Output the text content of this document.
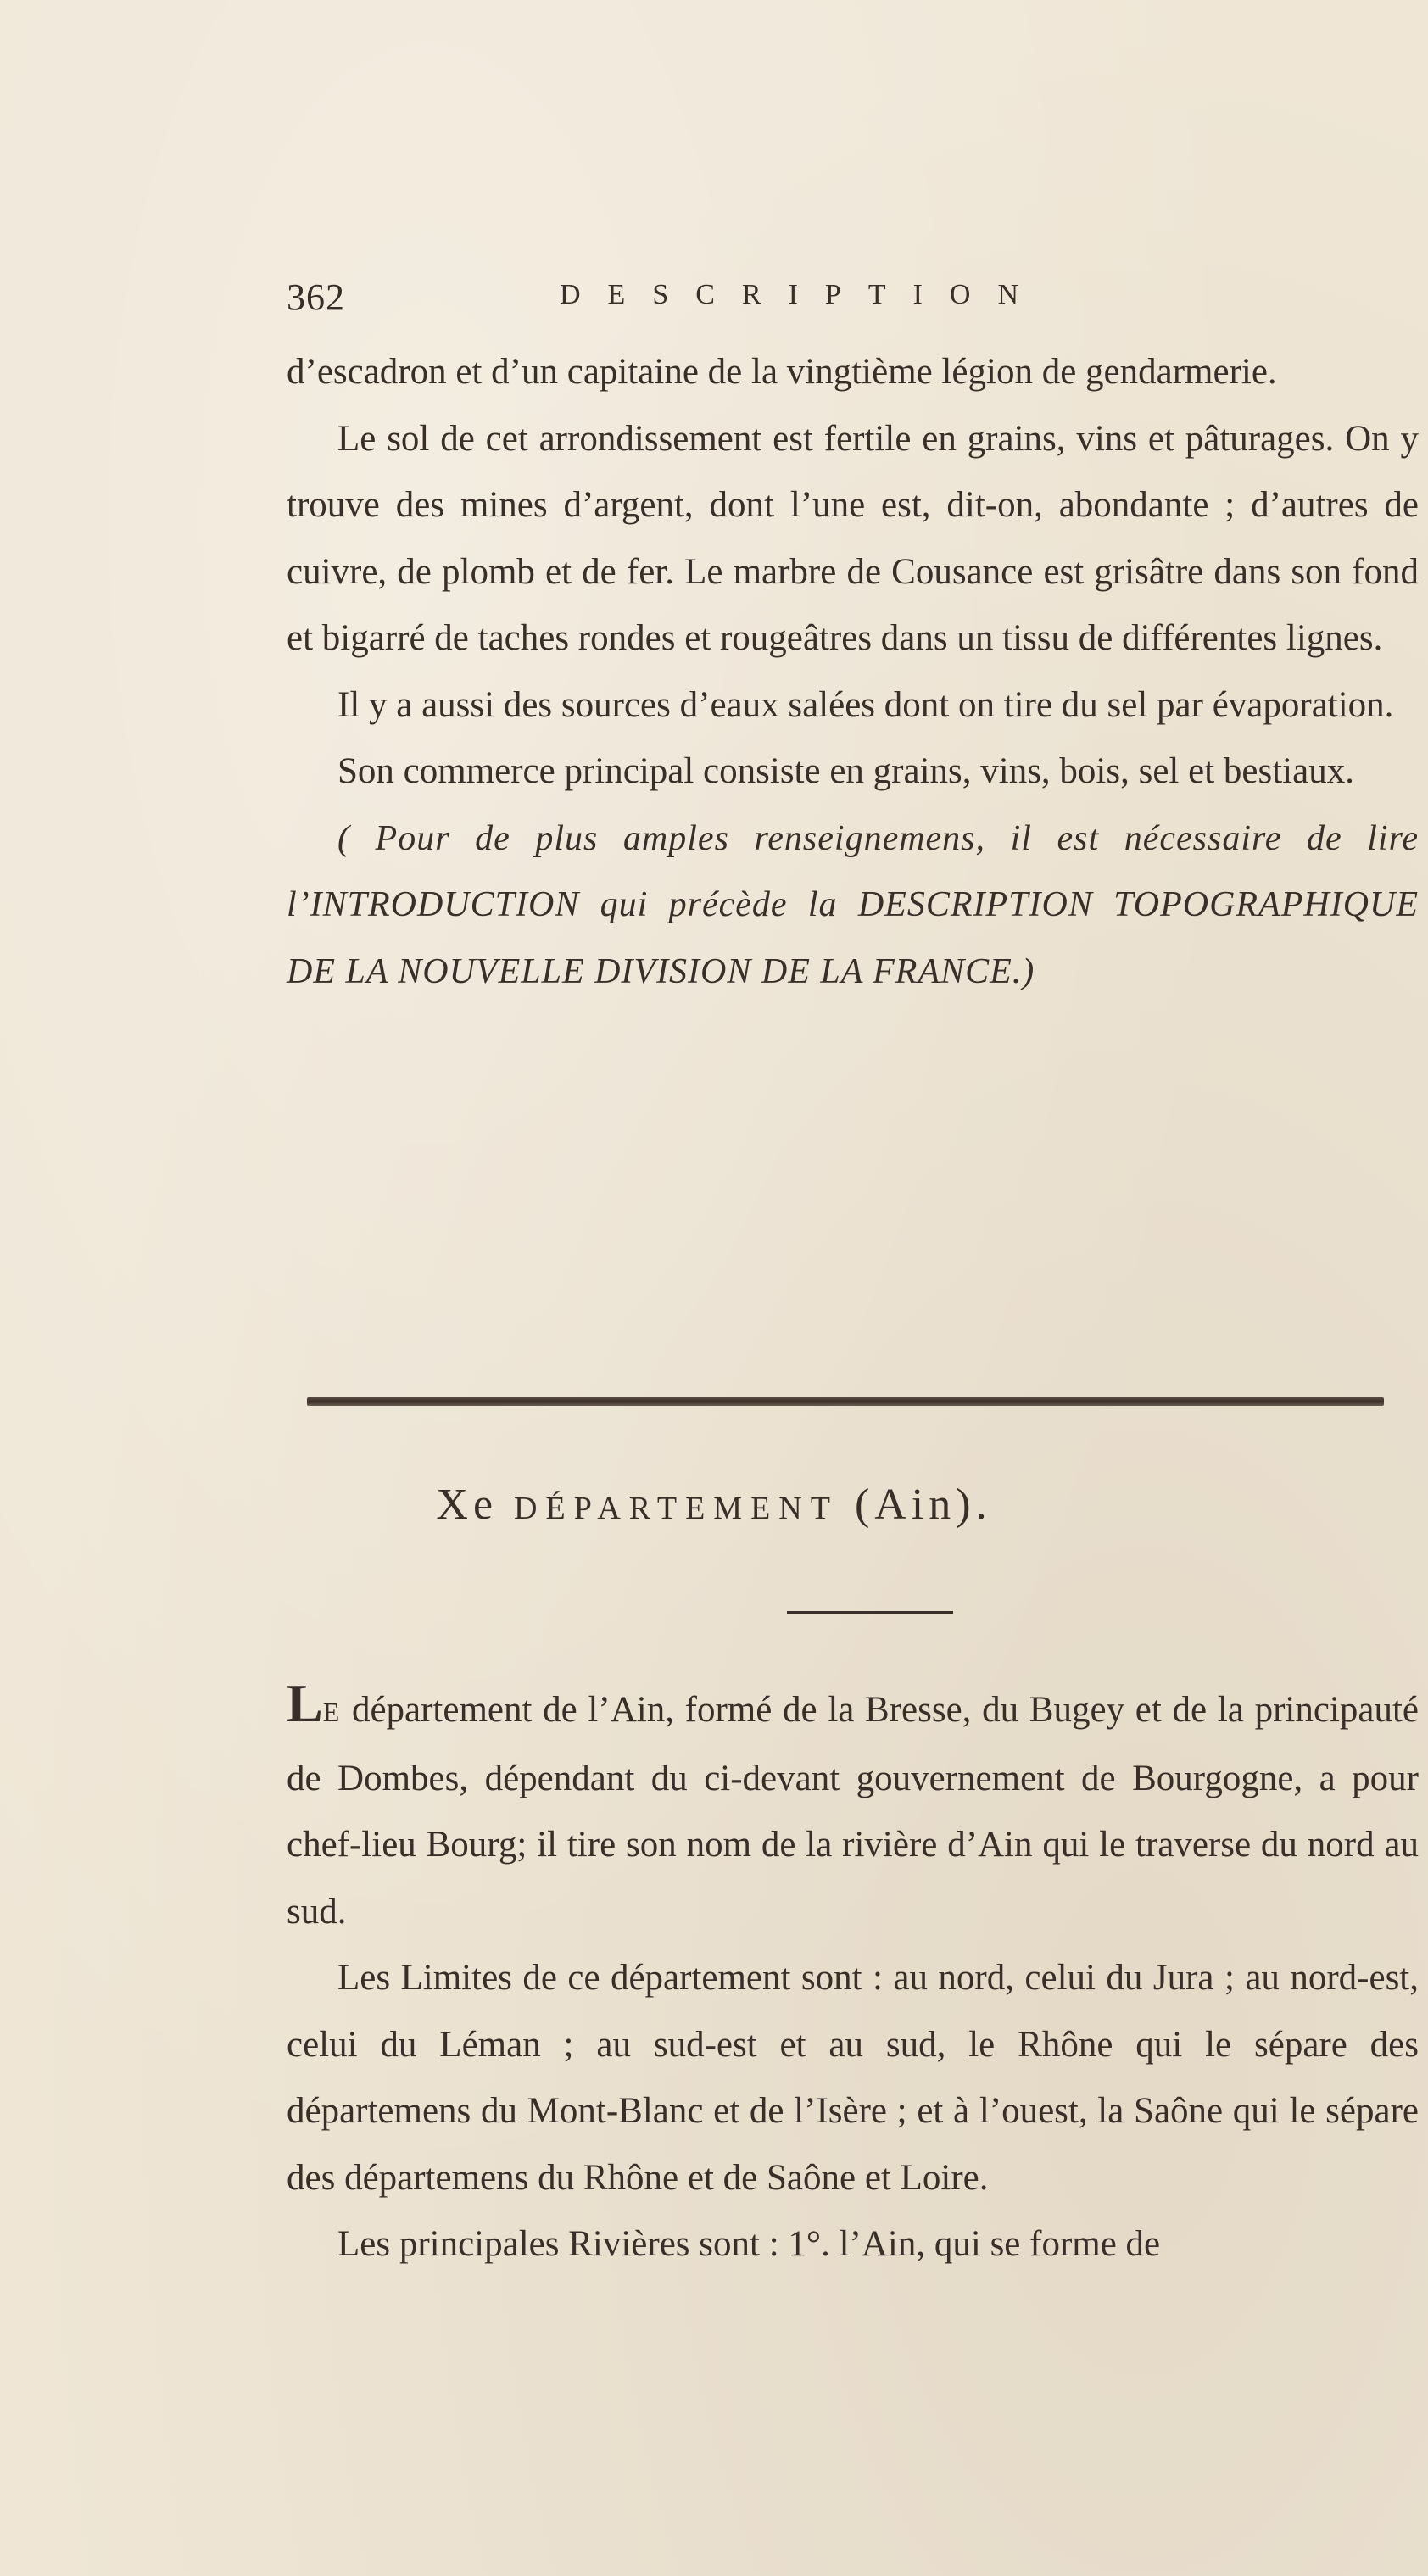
362	DESCRIPTION

d’escadron et d’un capitaine de la vingtième légion de gendarmerie.

Le sol de cet arrondissement est fertile en grains, vins et pâturages. On y trouve des mines d’argent, dont l’une est, dit-on, abondante ; d’autres de cuivre, de plomb et de fer. Le marbre de Cousance est grisâtre dans son fond et bigarré de taches rondes et rougeâtres dans un tissu de différentes lignes.

Il y a aussi des sources d’eaux salées dont on tire du sel par évaporation.

Son commerce principal consiste en grains, vins, bois, sel et bestiaux.

( Pour de plus amples renseignemens, il est nécessaire de lire l’INTRODUCTION qui précède la DESCRIPTION TOPOGRAPHIQUE DE LA NOUVELLE DIVISION DE LA FRANCE.)

Xe DÉPARTEMENT (Ain).

LE département de l’Ain, formé de la Bresse, du Bugey et de la principauté de Dombes, dépendant du ci-devant gouvernement de Bourgogne, a pour chef-lieu Bourg; il tire son nom de la rivière d’Ain qui le traverse du nord au sud.

Les Limites de ce département sont : au nord, celui du Jura ; au nord-est, celui du Léman ; au sud-est et au sud, le Rhône qui le sépare des départemens du Mont-Blanc et de l’Isère ; et à l’ouest, la Saône qui le sépare des départemens du Rhône et de Saône et Loire.

Les principales Rivières sont : 1°. l’Ain, qui se forme de
